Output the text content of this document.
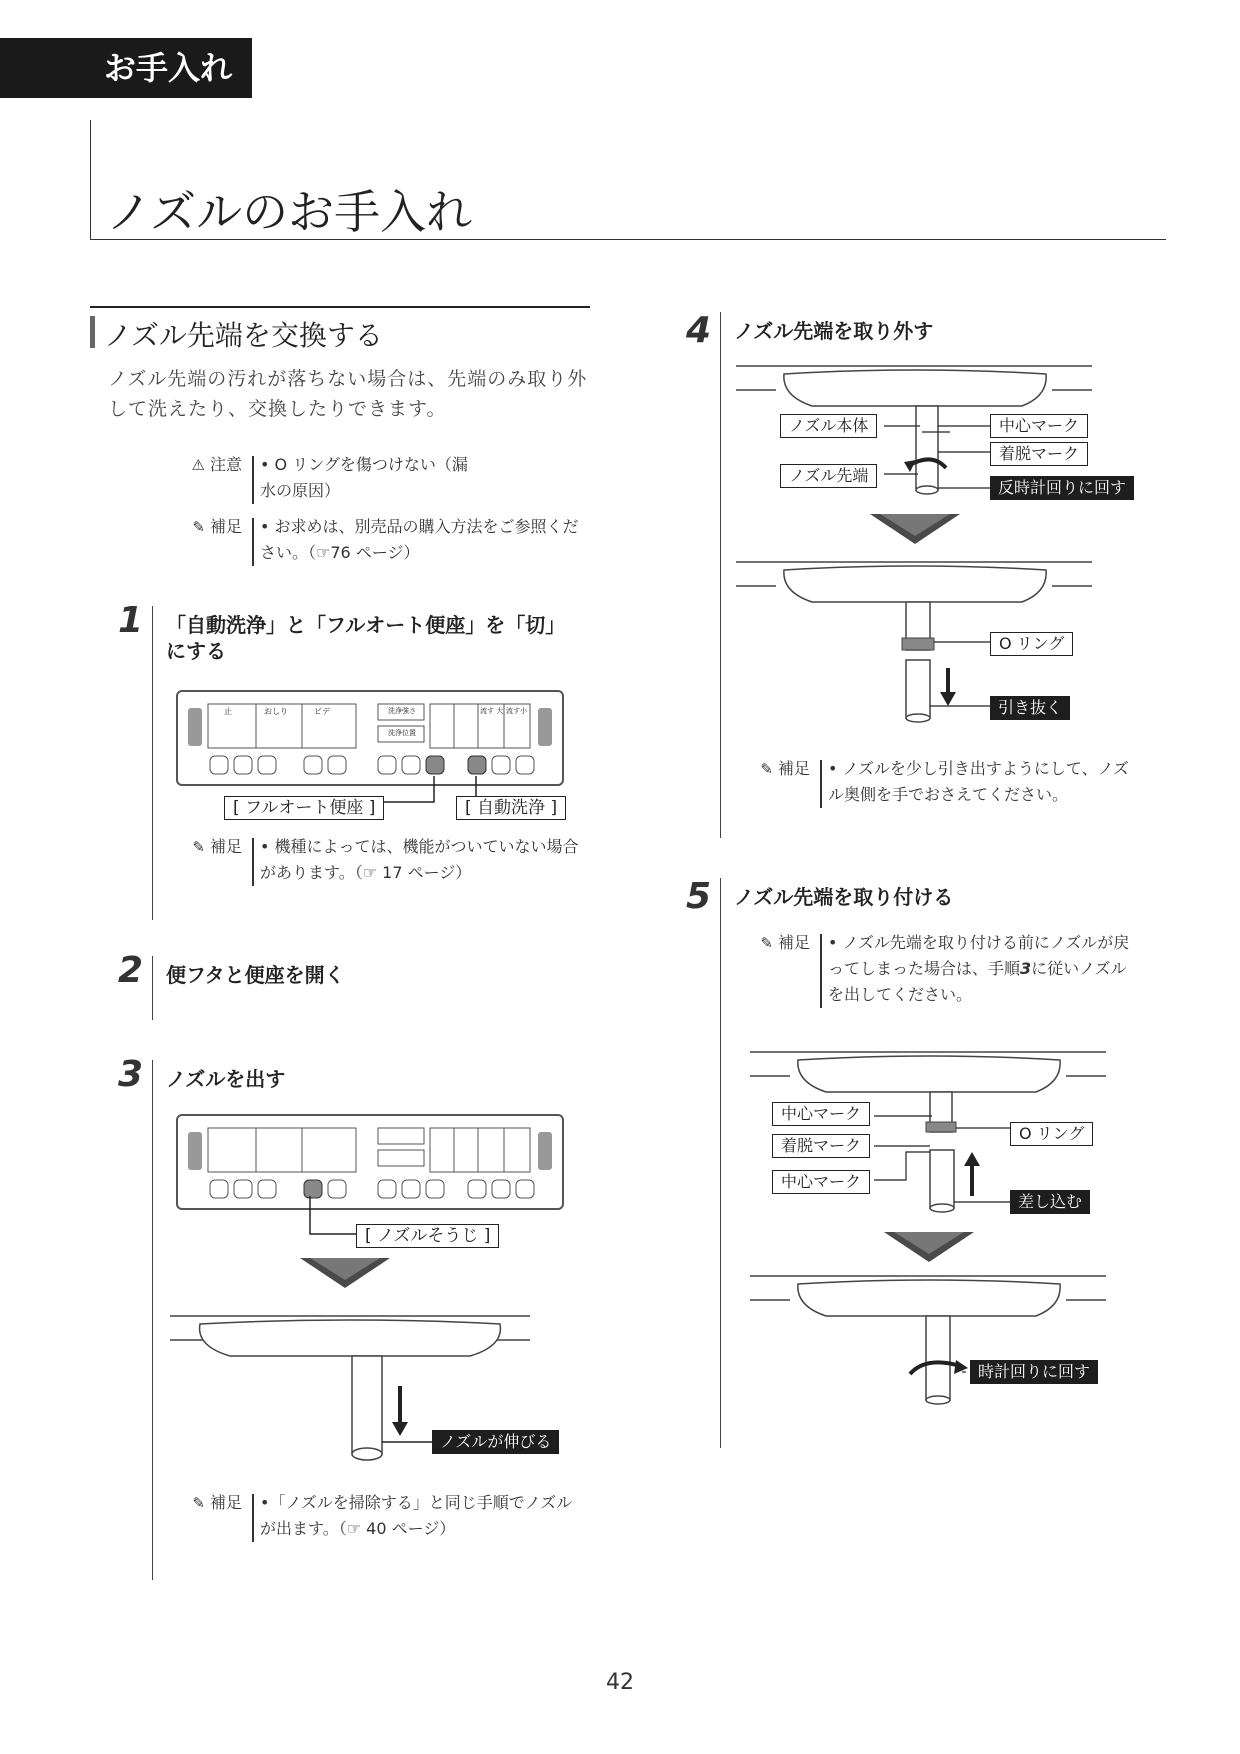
お手入れ
ノズルのお手入れ
ノズル先端を交換する
ノズル先端の汚れが落ちない場合は、先端のみ取り外して洗えたり、交換したりできます。
⚠ 注意 • O リングを傷つけない（漏水の原因）
✎ 補足 • お求めは、別売品の購入方法をご参照ください。（☞76 ページ）
1 「自動洗浄」と「フルオート便座」を「切」
にする
止	おしり	ビデ	洗浄強さ
洗浄位置
流す 大 流す小
[ フルオート便座 ]	[ 自動洗浄 ]
✎ 補足 • 機種によっては、機能がついていない場合があります。（☞ 17 ページ）
2 便フタと便座を開く
3 ノズルを出す
[ ノズルそうじ ]
ノズルが伸びる
✎ 補足 •「ノズルを掃除する」と同じ手順でノズルが出ます。（☞ 40 ページ）
4 ノズル先端を取り外す
ノズル本体
ノズル先端
中心マーク
着脱マーク
反時計回りに回す
O リング
引き抜く
✎ 補足 • ノズルを少し引き出すようにして、ノズル奥側を手でおさえてください。
5 ノズル先端を取り付ける
✎ 補足 • ノズル先端を取り付ける前にノズルが戻ってしまった場合は、手順3に従いノズルを出してください。
中心マーク
着脱マーク
中心マーク
O リング
差し込む
時計回りに回す
42
